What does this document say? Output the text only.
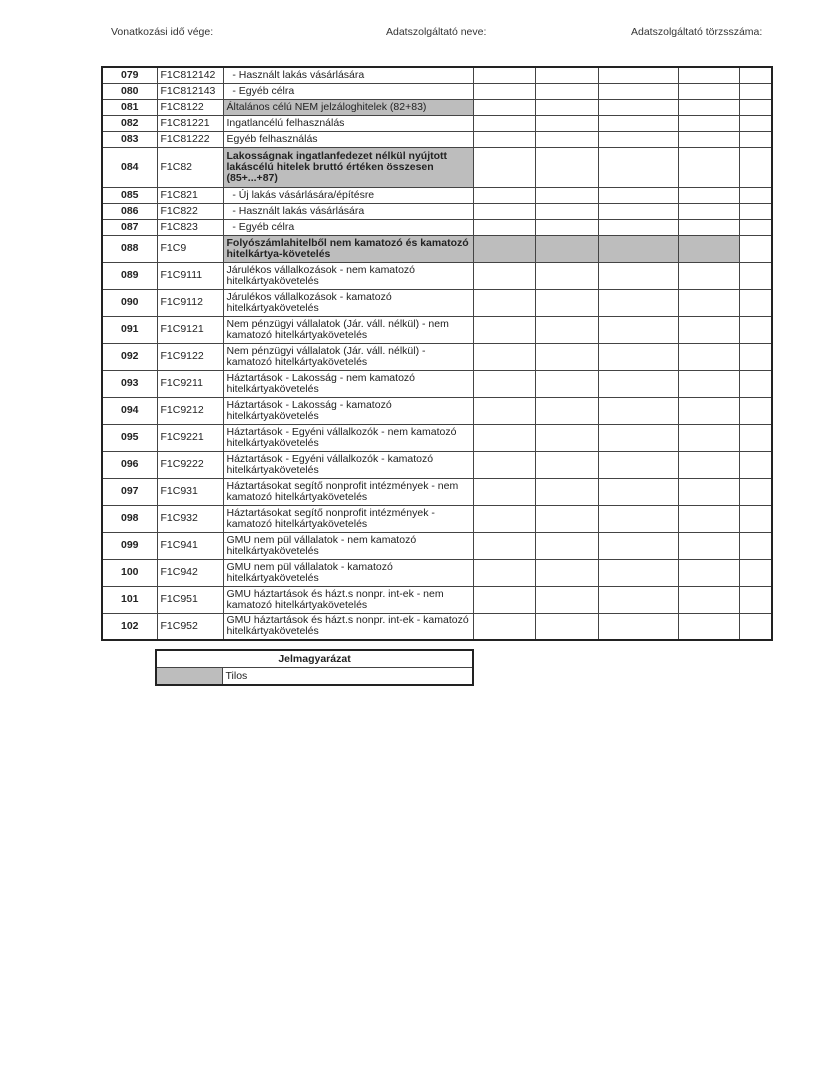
Vonatkozási idő vége:	Adatszolgáltató neve:	Adatszolgáltató törzsszáma:
079	F1C812142	- Használt lakás vásárlására					
080	F1C812143	- Egyéb célra					
081	F1C8122	Általános célú NEM jelzáloghitelek (82+83)					
082	F1C81221	Ingatlancélú felhasználás					
083	F1C81222	Egyéb felhasználás					
084	F1C82	Lakosságnak ingatlanfedezet nélkül nyújtott lakáscélú hitelek bruttó értéken összesen (85+...+87)					
085	F1C821	- Új lakás vásárlására/építésre					
086	F1C822	- Használt lakás vásárlására					
087	F1C823	- Egyéb célra					
088	F1C9	Folyószámlahitelből nem kamatozó és kamatozó hitelkártya-követelés					
089	F1C9111	Járulékos vállalkozások - nem kamatozó hitelkártyakövetelés					
090	F1C9112	Járulékos vállalkozások - kamatozó hitelkártyakövetelés					
091	F1C9121	Nem pénzügyi vállalatok (Jár. váll. nélkül) - nem kamatozó hitelkártyakövetelés					
092	F1C9122	Nem pénzügyi vállalatok (Jár. váll. nélkül) - kamatozó hitelkártyakövetelés					
093	F1C9211	Háztartások - Lakosság - nem kamatozó hitelkártyakövetelés					
094	F1C9212	Háztartások - Lakosság - kamatozó hitelkártyakövetelés					
095	F1C9221	Háztartások - Egyéni vállalkozók - nem kamatozó hitelkártyakövetelés					
096	F1C9222	Háztartások - Egyéni vállalkozók - kamatozó hitelkártyakövetelés					
097	F1C931	Háztartásokat segítő nonprofit intézmények - nem kamatozó hitelkártyakövetelés					
098	F1C932	Háztartásokat segítő nonprofit intézmények - kamatozó hitelkártyakövetelés					
099	F1C941	GMU nem pül vállalatok - nem kamatozó hitelkártyakövetelés					
100	F1C942	GMU nem pül vállalatok - kamatozó hitelkártyakövetelés					
101	F1C951	GMU háztartások és házt.s nonpr. int-ek - nem kamatozó hitelkártyakövetelés					
102	F1C952	GMU háztartások és házt.s nonpr. int-ek - kamatozó hitelkártyakövetelés					
Jelmagyarázat
	Tilos
